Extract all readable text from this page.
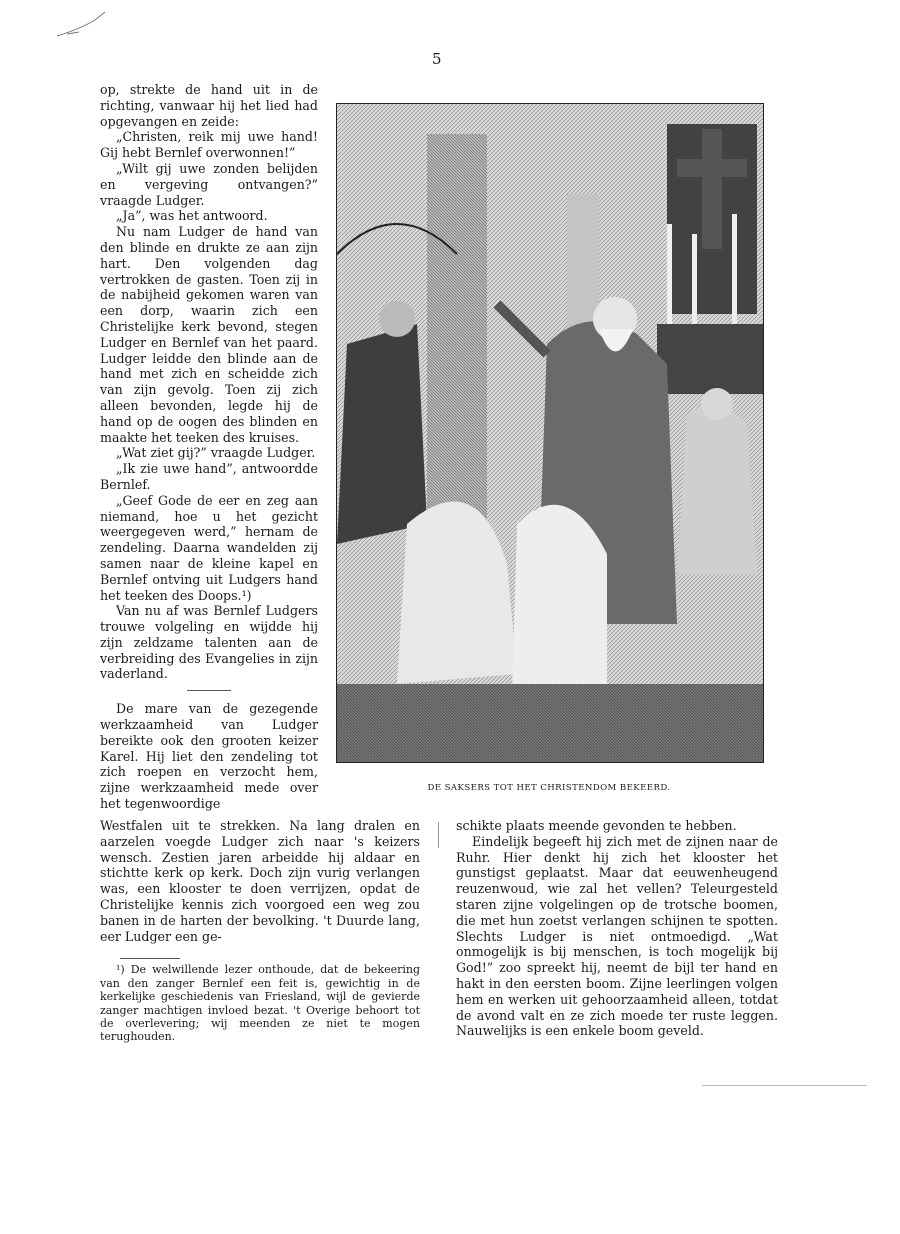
5

op, strekte de hand uit in de richting, vanwaar hij het lied had opgevangen en zeide:

„Christen, reik mij uwe hand! Gij hebt Bernlef overwonnen!”

„Wilt gij uwe zonden belijden en vergeving ontvangen?” vraagde Ludger.

„Ja”, was het antwoord.

Nu nam Ludger de hand van den blinde en drukte ze aan zijn hart. Den volgenden dag vertrokken de gasten. Toen zij in de nabijheid gekomen waren van een dorp, waarin zich een Christelijke kerk bevond, stegen Ludger en Bernlef van het paard. Ludger leidde den blinde aan de hand met zich en scheidde zich van zijn gevolg. Toen zij zich alleen bevonden, legde hij de hand op de oogen des blinden en maakte het teeken des kruises.

„Wat ziet gij?” vraagde Ludger.

„Ik zie uwe hand”, antwoordde Bernlef.

„Geef Gode de eer en zeg aan niemand, hoe u het gezicht weergegeven werd,” hernam de zendeling. Daarna wandelden zij samen naar de kleine kapel en Bernlef ontving uit Ludgers hand het teeken des Doops.¹)

Van nu af was Bernlef Ludgers trouwe volgeling en wijdde hij zijn zeldzame talenten aan de verbreiding des Evangelies in zijn vaderland.

De mare van de gezegende werkzaamheid van Ludger bereikte ook den grooten keizer Karel. Hij liet den zendeling tot zich roepen en verzocht hem, zijne werkzaamheid mede over het tegenwoordige

DE SAKSERS TOT HET CHRISTENDOM BEKEERD.

Westfalen uit te strekken. Na lang dralen en aarzelen voegde Ludger zich naar 's keizers wensch. Zestien jaren arbeidde hij aldaar en stichtte kerk op kerk. Doch zijn vurig verlangen was, een klooster te doen verrijzen, opdat de Christelijke kennis zich voorgoed een weg zou banen in de harten der bevolking. 't Duurde lang, eer Ludger een ge-

¹) De welwillende lezer onthoude, dat de bekeering van den zanger Bernlef een feit is, gewichtig in de kerkelijke geschiedenis van Friesland, wijl de gevierde zanger machtigen invloed bezat. 't Overige behoort tot de overlevering; wij meenden ze niet te mogen terughouden.

schikte plaats meende gevonden te hebben.

Eindelijk begeeft hij zich met de zijnen naar de Ruhr. Hier denkt hij zich het klooster het gunstigst geplaatst. Maar dat eeuwenheugend reuzenwoud, wie zal het vellen? Teleurgesteld staren zijne volgelingen op de trotsche boomen, die met hun zoetst verlangen schijnen te spotten. Slechts Ludger is niet ontmoedigd. „Wat onmogelijk is bij menschen, is toch mogelijk bij God!” zoo spreekt hij, neemt de bijl ter hand en hakt in den eersten boom. Zijne leerlingen volgen hem en werken uit gehoorzaamheid alleen, totdat de avond valt en ze zich moede ter ruste leggen. Nauwelijks is een enkele boom geveld.
